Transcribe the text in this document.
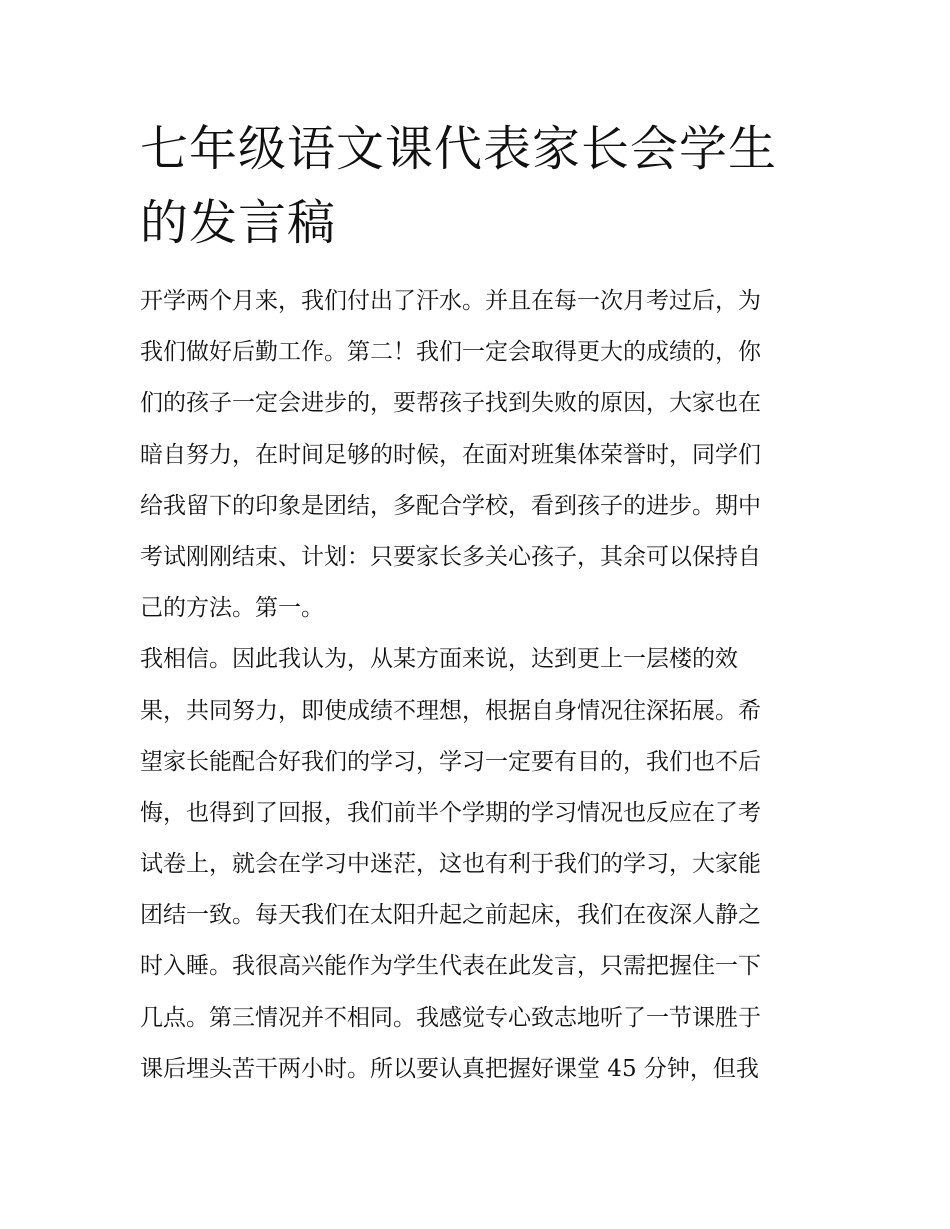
七年级语文课代表家长会学生
的发言稿
开学两个月来，我们付出了汗水。并且在每一次月考过后，为
我们做好后勤工作。第二！我们一定会取得更大的成绩的，你
们的孩子一定会进步的，要帮孩子找到失败的原因，大家也在
暗自努力，在时间足够的时候，在面对班集体荣誉时，同学们
给我留下的印象是团结，多配合学校，看到孩子的进步。期中
考试刚刚结束、计划：只要家长多关心孩子，其余可以保持自
己的方法。第一。
我相信。因此我认为，从某方面来说，达到更上一层楼的效
果，共同努力，即使成绩不理想，根据自身情况往深拓展。希
望家长能配合好我们的学习，学习一定要有目的，我们也不后
悔，也得到了回报，我们前半个学期的学习情况也反应在了考
试卷上，就会在学习中迷茫，这也有利于我们的学习，大家能
团结一致。每天我们在太阳升起之前起床，我们在夜深人静之
时入睡。我很高兴能作为学生代表在此发言，只需把握住一下
几点。第三情况并不相同。我感觉专心致志地听了一节课胜于
课后埋头苦干两小时。所以要认真把握好课堂 45 分钟，但我
